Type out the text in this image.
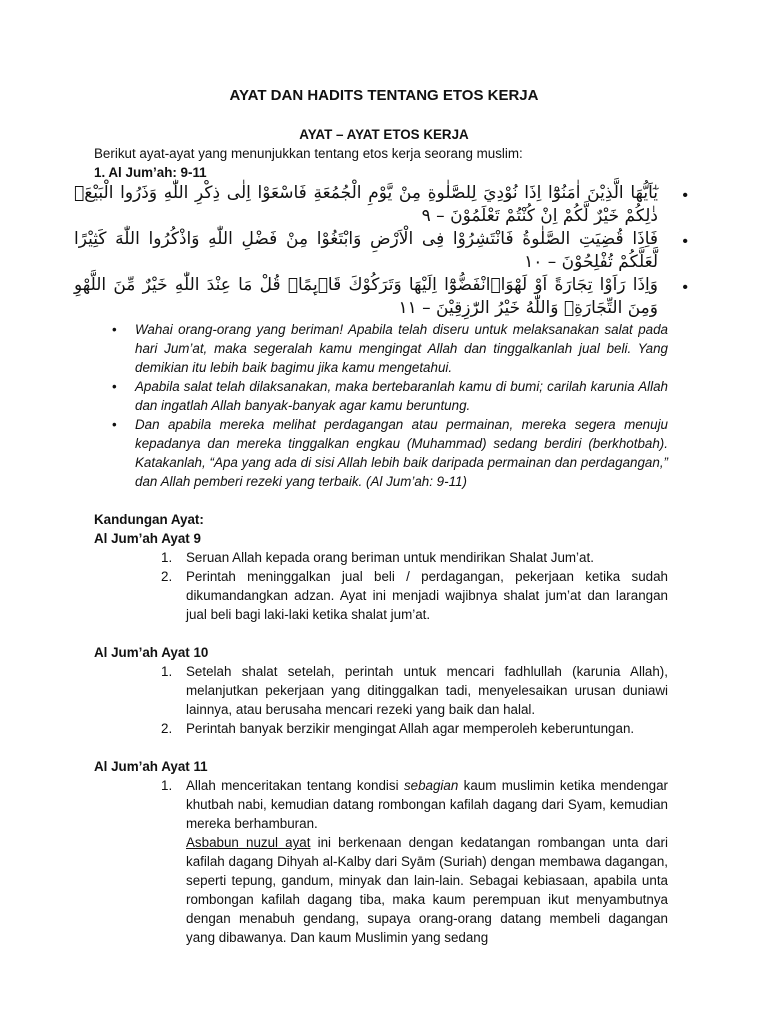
AYAT DAN HADITS TENTANG ETOS KERJA
AYAT – AYAT ETOS KERJA
Berikut ayat-ayat yang menunjukkan tentang etos kerja seorang muslim:
1. Al Jum’ah: 9-11
•
يٰٓاَيُّهَا الَّذِيْنَ اٰمَنُوْٓا اِذَا نُوْدِيَ لِلصَّلٰوةِ مِنْ يَّوْمِ الْجُمُعَةِ فَاسْعَوْا اِلٰى ذِكْرِ اللّٰهِ وَذَرُوا الْبَيْعَۗ ذٰلِكُمْ خَيْرٌ لَّكُمْ اِنْ كُنْتُمْ تَعْلَمُوْنَ – ٩
•
فَاِذَا قُضِيَتِ الصَّلٰوةُ فَانْتَشِرُوْا فِى الْاَرْضِ وَابْتَغُوْا مِنْ فَضْلِ اللّٰهِ وَاذْكُرُوا اللّٰهَ كَثِيْرًا لَّعَلَّكُمْ تُفْلِحُوْنَ – ١٠
•
وَاِذَا رَاَوْا تِجَارَةً اَوْ لَهْوَاۨانْفَضُّوْٓا اِلَيْهَا وَتَرَكُوْكَ قَاۤىِٕمًاۗ قُلْ مَا عِنْدَ اللّٰهِ خَيْرٌ مِّنَ اللَّهْوِ وَمِنَ التِّجَارَةِۗ وَاللّٰهُ خَيْرُ الرّٰزِقِيْنَ – ١١
• Wahai orang-orang yang beriman! Apabila telah diseru untuk melaksanakan salat pada hari Jum’at, maka segeralah kamu mengingat Allah dan tinggalkanlah jual beli. Yang demikian itu lebih baik bagimu jika kamu mengetahui.
• Apabila salat telah dilaksanakan, maka bertebaranlah kamu di bumi; carilah karunia Allah dan ingatlah Allah banyak-banyak agar kamu beruntung.
• Dan apabila mereka melihat perdagangan atau permainan, mereka segera menuju kepadanya dan mereka tinggalkan engkau (Muhammad) sedang berdiri (berkhotbah). Katakanlah, “Apa yang ada di sisi Allah lebih baik daripada permainan dan perdagangan,” dan Allah pemberi rezeki yang terbaik. (Al Jum’ah: 9-11)
Kandungan Ayat:
Al Jum’ah Ayat 9
1. Seruan Allah kepada orang beriman untuk mendirikan Shalat Jum’at.
2. Perintah meninggalkan jual beli / perdagangan, pekerjaan ketika sudah dikumandangkan adzan. Ayat ini menjadi wajibnya shalat jum’at dan larangan jual beli bagi laki-laki ketika shalat jum’at.
Al Jum’ah Ayat 10
1. Setelah shalat setelah, perintah untuk mencari fadhlullah (karunia Allah), melanjutkan pekerjaan yang ditinggalkan tadi, menyelesaikan urusan duniawi lainnya, atau berusaha mencari rezeki yang baik dan halal.
2. Perintah banyak berzikir mengingat Allah agar memperoleh keberuntungan.
Al Jum’ah Ayat 11
1. Allah menceritakan tentang kondisi sebagian kaum muslimin ketika mendengar khutbah nabi, kemudian datang rombongan kafilah dagang dari Syam, kemudian mereka berhamburan.
Asbabun nuzul ayat ini berkenaan dengan kedatangan rombangan unta dari kafilah dagang Dihyah al-Kalby dari Syām (Suriah) dengan membawa dagangan, seperti tepung, gandum, minyak dan lain-lain. Sebagai kebiasaan, apabila unta rombongan kafilah dagang tiba, maka kaum perempuan ikut menyambutnya dengan menabuh gendang, supaya orang-orang datang membeli dagangan yang dibawanya. Dan kaum Muslimin yang sedang
